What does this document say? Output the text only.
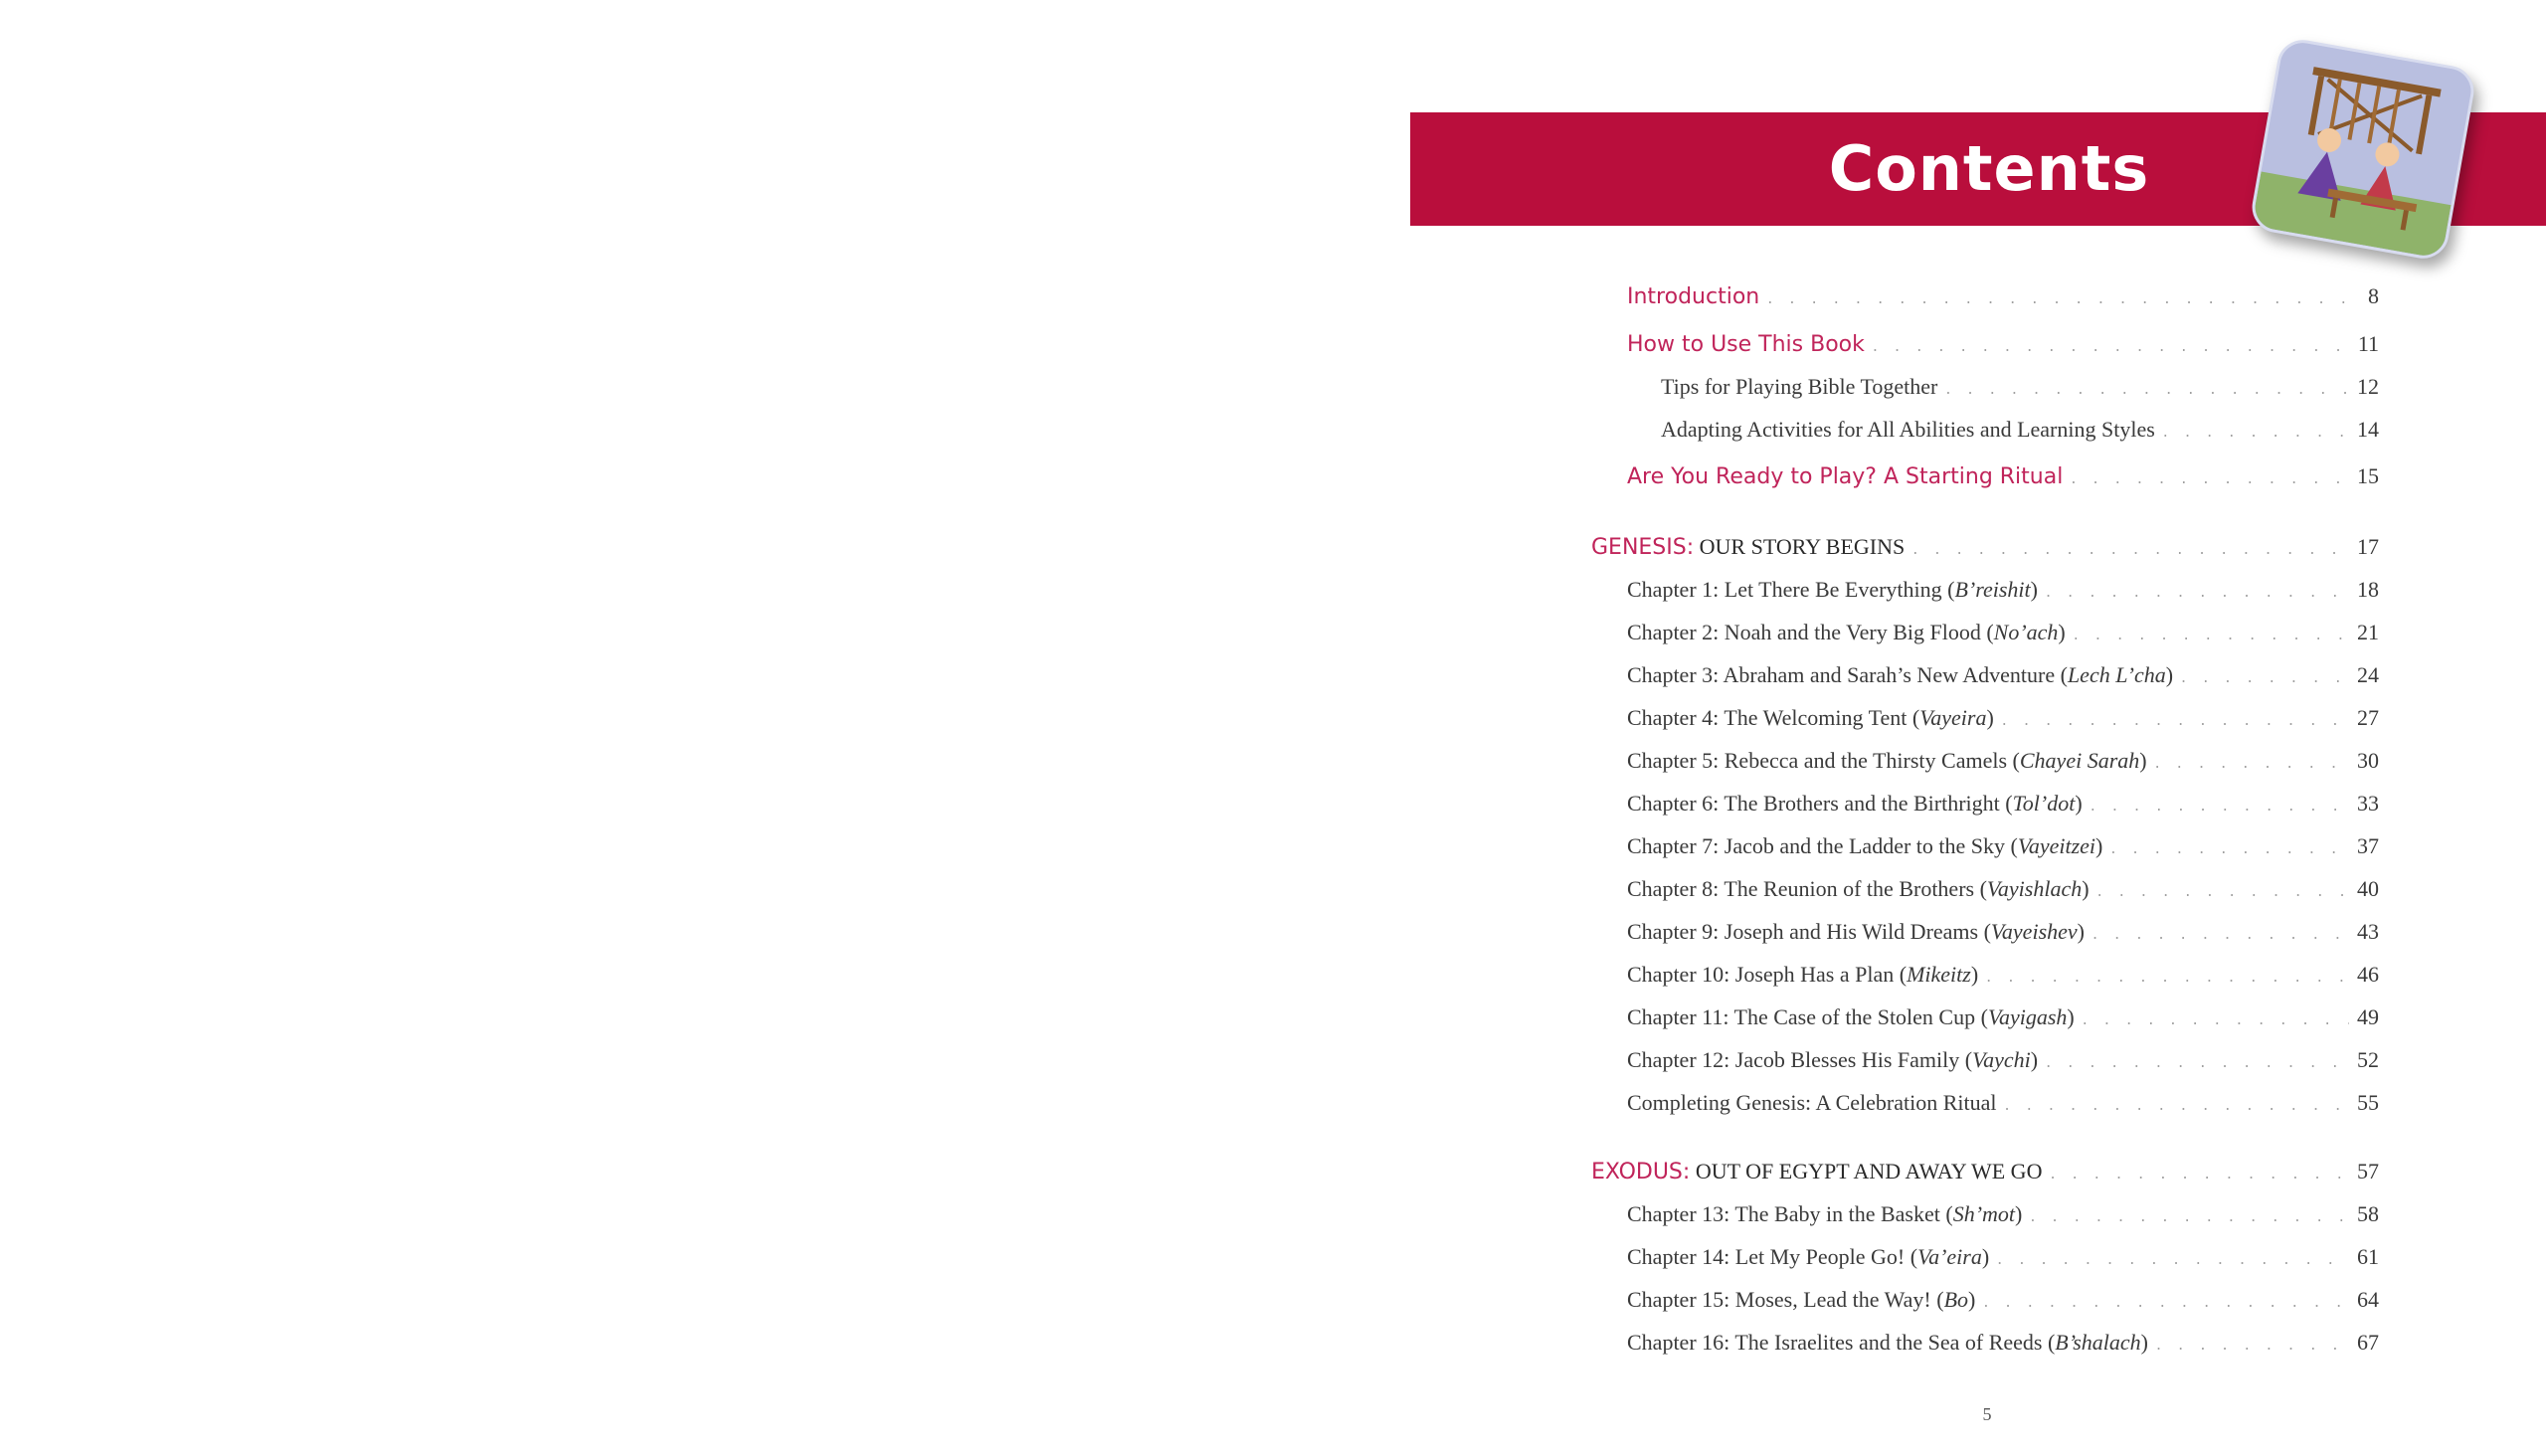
Contents
Introduction . . .	8
How to Use This Book . . .	11
Tips for Playing Bible Together . . .	12
Adapting Activities for All Abilities and Learning Styles . . .	14
Are You Ready to Play? A Starting Ritual . . .	15
GENESIS: OUR STORY BEGINS . . .	17
Chapter 1: Let There Be Everything (B’reishit) . . .	18
Chapter 2: Noah and the Very Big Flood (No’ach) . . .	21
Chapter 3: Abraham and Sarah’s New Adventure (Lech L’cha) . . .	24
Chapter 4: The Welcoming Tent (Vayeira) . . .	27
Chapter 5: Rebecca and the Thirsty Camels (Chayei Sarah) . . .	30
Chapter 6: The Brothers and the Birthright (Tol’dot) . . .	33
Chapter 7: Jacob and the Ladder to the Sky (Vayeitzei) . . .	37
Chapter 8: The Reunion of the Brothers (Vayishlach) . . .	40
Chapter 9: Joseph and His Wild Dreams (Vayeishev) . . .	43
Chapter 10: Joseph Has a Plan (Mikeitz) . . .	46
Chapter 11: The Case of the Stolen Cup (Vayigash) . . .	49
Chapter 12: Jacob Blesses His Family (Vaychi) . . .	52
Completing Genesis: A Celebration Ritual . . .	55
EXODUS: OUT OF EGYPT AND AWAY WE GO . . .	57
Chapter 13: The Baby in the Basket (Sh’mot) . . .	58
Chapter 14: Let My People Go! (Va’eira) . . .	61
Chapter 15: Moses, Lead the Way! (Bo) . . .	64
Chapter 16: The Israelites and the Sea of Reeds (B’shalach) . . .	67
5
